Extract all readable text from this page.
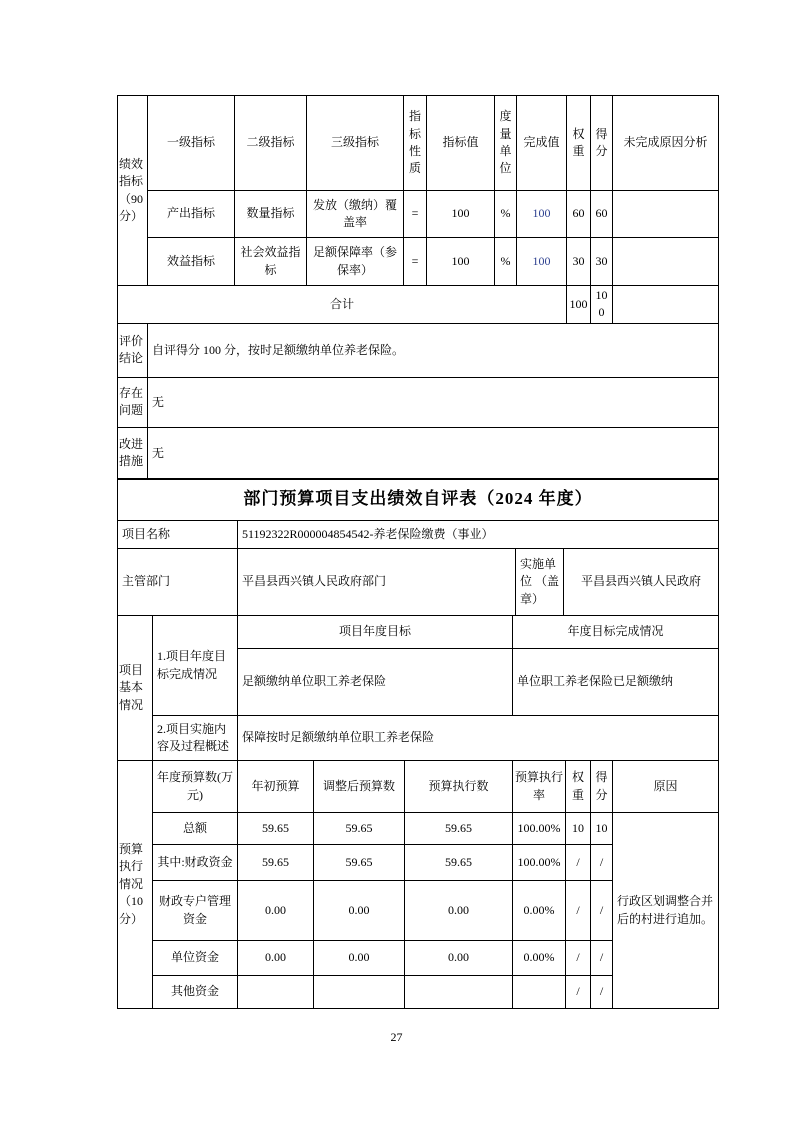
绩效指标（90分）	一级指标	二级指标	三级指标	指标性质	指标值	度量单位	完成值	权重	得分	未完成原因分析
	产出指标	数量指标	发放（缴纳）覆盖率	=	100	%	100	60	60	
	效益指标	社会效益指标	足额保障率（参保率）	=	100	%	100	30	30	
合计								100	100	
评价结论	自评得分 100 分，按时足额缴纳单位养老保险。									
存在问题	无									
改进措施	无									
部门预算项目支出绩效自评表（2024 年度）
项目名称	51192322R000004854542-养老保险缴费（事业）
主管部门	平昌县西兴镇人民政府部门	实施单位 （盖章）	平昌县西兴镇人民政府
项目基本情况	1.项目年度目标完成情况	项目年度目标	年度目标完成情况
		足额缴纳单位职工养老保险	单位职工养老保险已足额缴纳
	2.项目实施内容及过程概述	保障按时足额缴纳单位职工养老保险	
预算执行情况（10分）	年度预算数(万元)	年初预算	调整后预算数	预算执行数	预算执行率	权重	得分	原因
	总额	59.65	59.65	59.65	100.00%	10	10	行政区划调整合并后的村进行追加。
	其中:财政资金	59.65	59.65	59.65	100.00%	/	/	
	财政专户管理资金	0.00	0.00	0.00	0.00%	/	/	
	单位资金	0.00	0.00	0.00	0.00%	/	/	
	其他资金					/	/	
27
